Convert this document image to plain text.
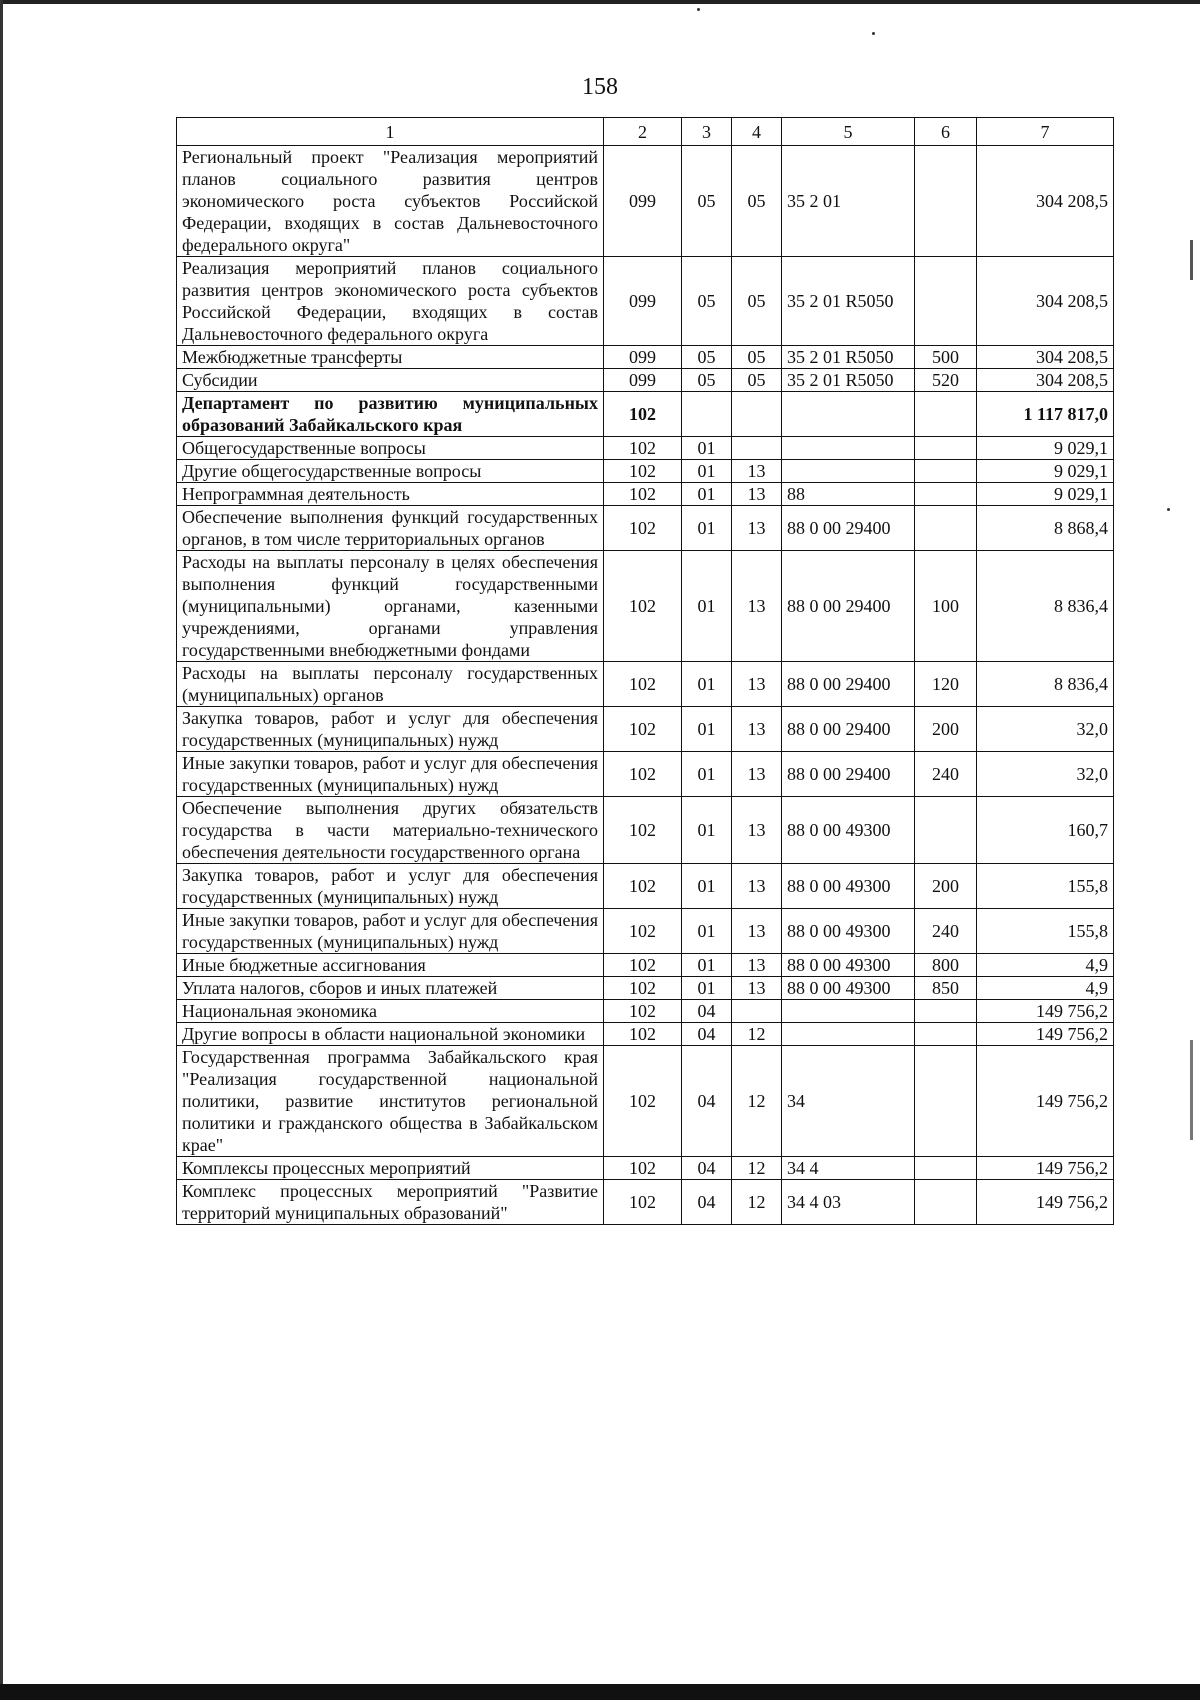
158
1	2	3	4	5	6	7
Региональный проект "Реализация мероприятий планов социального развития центров экономического роста субъектов Российской Федерации, входящих в состав Дальневосточного федерального округа"	099	05	05	35 2 01		304 208,5
Реализация мероприятий планов социального развития центров экономического роста субъектов Российской Федерации, входящих в состав Дальневосточного федерального округа	099	05	05	35 2 01 R5050		304 208,5
Межбюджетные трансферты	099	05	05	35 2 01 R5050	500	304 208,5
Субсидии	099	05	05	35 2 01 R5050	520	304 208,5
Департамент по развитию муниципальных образований Забайкальского края	102					1 117 817,0
Общегосударственные вопросы	102	01				9 029,1
Другие общегосударственные вопросы	102	01	13			9 029,1
Непрограммная деятельность	102	01	13	88		9 029,1
Обеспечение выполнения функций государственных органов, в том числе территориальных органов	102	01	13	88 0 00 29400		8 868,4
Расходы на выплаты персоналу в целях обеспечения выполнения функций государственными (муниципальными) органами, казенными учреждениями, органами управления государственными внебюджетными фондами	102	01	13	88 0 00 29400	100	8 836,4
Расходы на выплаты персоналу государственных (муниципальных) органов	102	01	13	88 0 00 29400	120	8 836,4
Закупка товаров, работ и услуг для обеспечения государственных (муниципальных) нужд	102	01	13	88 0 00 29400	200	32,0
Иные закупки товаров, работ и услуг для обеспечения государственных (муниципальных) нужд	102	01	13	88 0 00 29400	240	32,0
Обеспечение выполнения других обязательств государства в части материально-технического обеспечения деятельности государственного органа	102	01	13	88 0 00 49300		160,7
Закупка товаров, работ и услуг для обеспечения государственных (муниципальных) нужд	102	01	13	88 0 00 49300	200	155,8
Иные закупки товаров, работ и услуг для обеспечения государственных (муниципальных) нужд	102	01	13	88 0 00 49300	240	155,8
Иные бюджетные ассигнования	102	01	13	88 0 00 49300	800	4,9
Уплата налогов, сборов и иных платежей	102	01	13	88 0 00 49300	850	4,9
Национальная экономика	102	04				149 756,2
Другие вопросы в области национальной экономики	102	04	12			149 756,2
Государственная программа Забайкальского края "Реализация государственной национальной политики, развитие институтов региональной политики и гражданского общества в Забайкальском крае"	102	04	12	34		149 756,2
Комплексы процессных мероприятий	102	04	12	34 4		149 756,2
Комплекс процессных мероприятий "Развитие территорий муниципальных образований"	102	04	12	34 4 03		149 756,2
